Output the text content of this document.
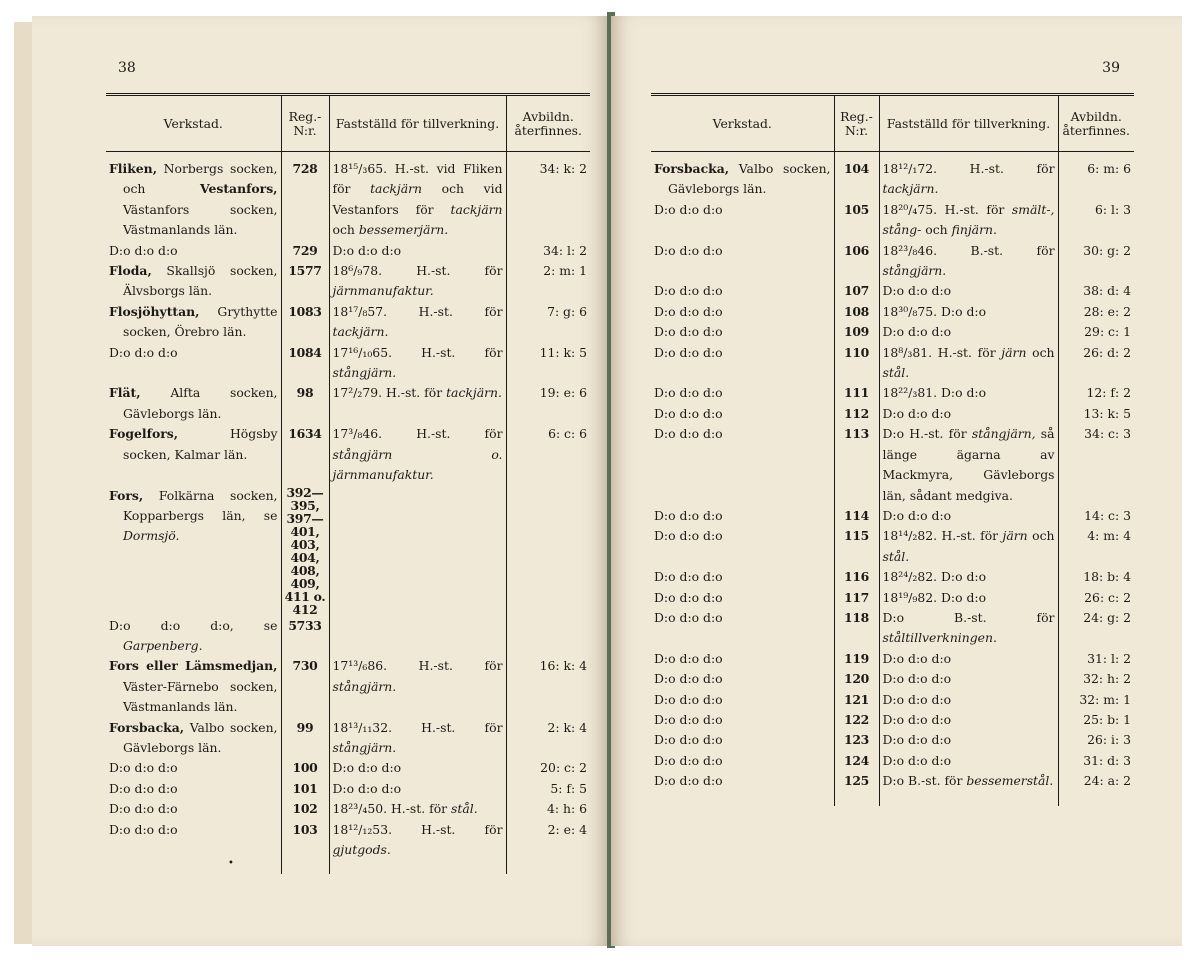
38
Verkstad.	Reg.- N:r.	Fastställd för tillverkning.	Avbildn. återfinnes.

Fliken, Norbergs socken, och Vestanfors, Västanfors socken, Västmanlands län.	728	18¹⁵/₃65. H.-st. vid Fliken för tackjärn och vid Vestanfors för tackjärn och bessemerjärn.	34: k: 2

D:o d:o d:o	729	D:o d:o d:o	34: l: 2

Floda, Skallsjö socken, Älvsborgs län.	1577	18⁶/₉78. H.-st. för järnmanufaktur.	2: m: 1

Flosjöhyttan, Grythytte socken, Örebro län.	1083	18¹⁷/₈57. H.-st. för tackjärn.	7: g: 6

D:o d:o d:o	1084	17¹⁶/₁₀65. H.-st. för stångjärn.	11: k: 5

Flät, Alfta socken, Gävleborgs län.	98	17²/₂79. H.-st. för tackjärn.	19: e: 6

Fogelfors, Högsby socken, Kalmar län.	1634	17³/₈46. H.-st. för stångjärn o. järnmanufaktur.	6: c: 6

Fors, Folkärna socken, Kopparbergs län, se Dormsjö.	392—395, 397—401, 403, 404, 408, 409, 411 o. 412		

D:o d:o d:o, se Garpenberg.	5733		

Fors eller Lämsmedjan, Väster-Färnebo socken, Västmanlands län.	730	17¹³/₆86. H.-st. för stångjärn.	16: k: 4

Forsbacka, Valbo socken, Gävleborgs län.	99	18¹³/₁₁32. H.-st. för stångjärn.	2: k: 4

D:o d:o d:o	100	D:o d:o d:o	20: c: 2

D:o d:o d:o	101	D:o d:o d:o	5: f: 5

D:o d:o d:o	102	18²³/₄50. H.-st. för stål.	4: h: 6

D:o d:o d:o	103	18¹²/₁₂53. H.-st. för gjutgods.	2: e: 4
•
39
Verkstad.	Reg.- N:r.	Fastställd för tillverkning.	Avbildn. återfinnes.

Forsbacka, Valbo socken, Gävleborgs län.	104	18¹²/₁72. H.-st. för tackjärn.	6: m: 6

D:o d:o d:o	105	18²⁰/₄75. H.-st. för smält-, stång- och finjärn.	6: l: 3

D:o d:o d:o	106	18²³/₈46. B.-st. för stångjärn.	30: g: 2

D:o d:o d:o	107	D:o d:o d:o	38: d: 4

D:o d:o d:o	108	18³⁰/₈75. D:o d:o	28: e: 2

D:o d:o d:o	109	D:o d:o d:o	29: c: 1

D:o d:o d:o	110	18⁸/₃81. H.-st. för järn och stål.	26: d: 2

D:o d:o d:o	111	18²²/₃81. D:o d:o	12: f: 2

D:o d:o d:o	112	D:o d:o d:o	13: k: 5

D:o d:o d:o	113	D:o H.-st. för stångjärn, så länge ägarna av Mackmyra, Gävleborgs län, sådant medgiva.	34: c: 3

D:o d:o d:o	114	D:o d:o d:o	14: c: 3

D:o d:o d:o	115	18¹⁴/₂82. H.-st. för järn och stål.	4: m: 4

D:o d:o d:o	116	18²⁴/₂82. D:o d:o	18: b: 4

D:o d:o d:o	117	18¹⁹/₉82. D:o d:o	26: c: 2

D:o d:o d:o	118	D:o B.-st. för ståltillverkningen.	24: g: 2

D:o d:o d:o	119	D:o d:o d:o	31: l: 2

D:o d:o d:o	120	D:o d:o d:o	32: h: 2

D:o d:o d:o	121	D:o d:o d:o	32: m: 1

D:o d:o d:o	122	D:o d:o d:o	25: b: 1

D:o d:o d:o	123	D:o d:o d:o	26: i: 3

D:o d:o d:o	124	D:o d:o d:o	31: d: 3

D:o d:o d:o	125	D:o B.-st. för bessemerstål.	24: a: 2
